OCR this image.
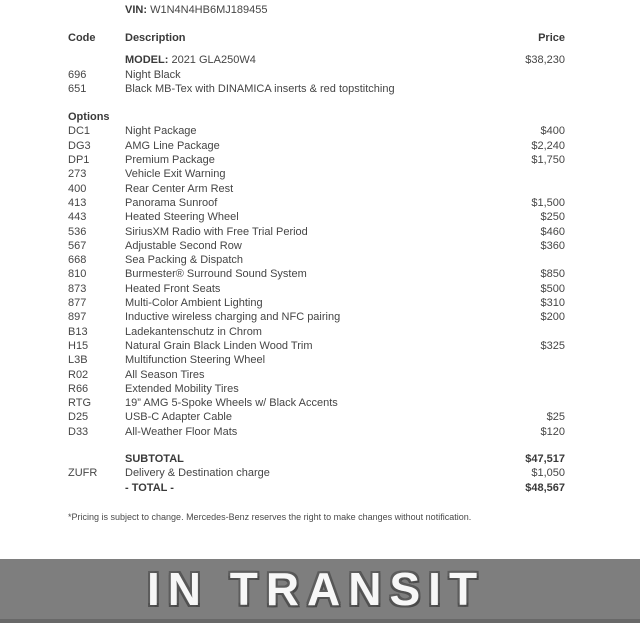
VIN: W1N4N4HB6MJ189455
Code	Description	Price
MODEL: 2021 GLA250W4	$38,230
696	Night Black
651	Black MB-Tex with DINAMICA inserts & red topstitching
Options
DC1	Night Package	$400
DG3	AMG Line Package	$2,240
DP1	Premium Package	$1,750
273	Vehicle Exit Warning
400	Rear Center Arm Rest
413	Panorama Sunroof	$1,500
443	Heated Steering Wheel	$250
536	SiriusXM Radio with Free Trial Period	$460
567	Adjustable Second Row	$360
668	Sea Packing & Dispatch
810	Burmester® Surround Sound System	$850
873	Heated Front Seats	$500
877	Multi-Color Ambient Lighting	$310
897	Inductive wireless charging and NFC pairing	$200
B13	Ladekantenschutz in Chrom
H15	Natural Grain Black Linden Wood Trim	$325
L3B	Multifunction Steering Wheel
R02	All Season Tires
R66	Extended Mobility Tires
RTG	19” AMG 5-Spoke Wheels w/ Black Accents
D25	USB-C Adapter Cable	$25
D33	All-Weather Floor Mats	$120
SUBTOTAL	$47,517
ZUFR	Delivery & Destination charge	$1,050
- TOTAL -	$48,567
*Pricing is subject to change. Mercedes-Benz reserves the right to make changes without notification.
IN TRANSIT
